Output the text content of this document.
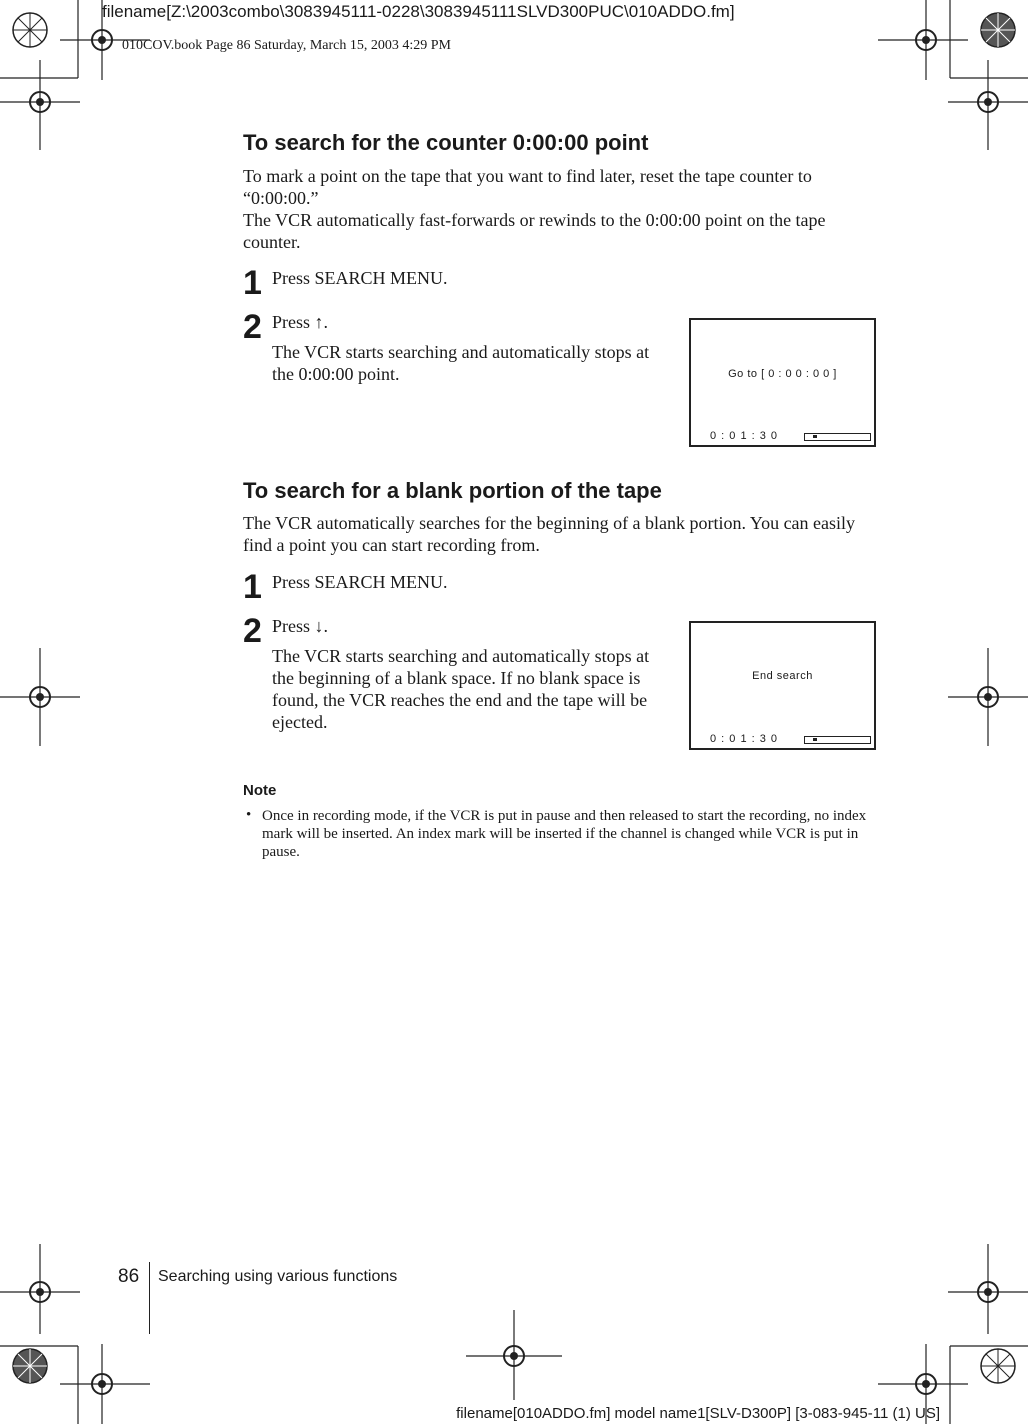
filename[Z:\2003combo\3083945111-0228\3083945111SLVD300PUC\010ADDO.fm]
010COV.book Page 86 Saturday, March 15, 2003 4:29 PM
To search for the counter 0:00:00 point
To mark a point on the tape that you want to find later, reset the tape counter to “0:00:00.”
The VCR automatically fast-forwards or rewinds to the 0:00:00 point on the tape counter.
1 Press SEARCH MENU.
2 Press ↑.
The VCR starts searching and automatically stops at the 0:00:00 point.	Go to [ 0 : 0 0 : 0 0 ]
0 : 0 1 : 3 0
To search for a blank portion of the tape
The VCR automatically searches for the beginning of a blank portion. You can easily find a point you can start recording from.
1 Press SEARCH MENU.
2 Press ↓.
The VCR starts searching and automatically stops at the beginning of a blank space. If no blank space is found, the VCR reaches the end and the tape will be ejected.
End search
0 : 0 1 : 3 0
Note
• Once in recording mode, if the VCR is put in pause and then released to start the recording, no index mark will be inserted. An index mark will be inserted if the channel is changed while VCR is put in pause.
86 Searching using various functions
filename[010ADDO.fm] model name1[SLV-D300P] [3-083-945-11 (1) US]
